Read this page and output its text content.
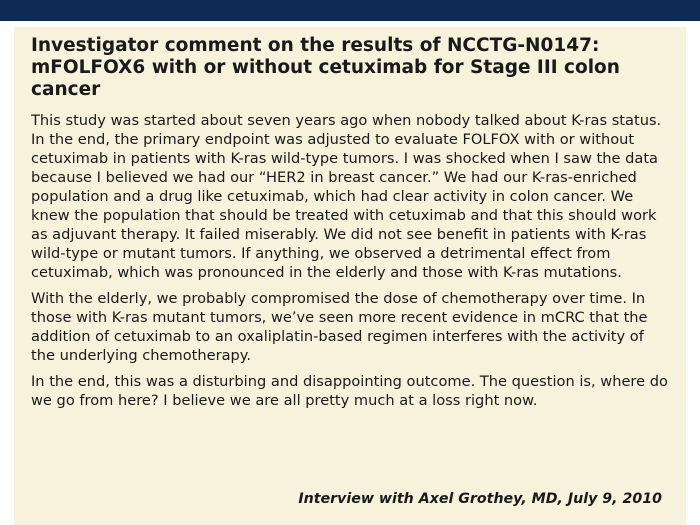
Investigator comment on the results of NCCTG-N0147:
mFOLFOX6 with or without cetuximab for Stage III colon cancer

This study was started about seven years ago when nobody talked about K-ras status. In the end, the primary endpoint was adjusted to evaluate FOLFOX with or without cetuximab in patients with K-ras wild-type tumors. I was shocked when I saw the data because I believed we had our “HER2 in breast cancer.” We had our K-ras-enriched population and a drug like cetuximab, which had clear activity in colon cancer. We knew the population that should be treated with cetuximab and that this should work as adjuvant therapy. It failed miserably. We did not see benefit in patients with K-ras wild-type or mutant tumors. If anything, we observed a detrimental effect from cetuximab, which was pronounced in the elderly and those with K-ras mutations.

With the elderly, we probably compromised the dose of chemotherapy over time. In those with K-ras mutant tumors, we’ve seen more recent evidence in mCRC that the addition of cetuximab to an oxaliplatin-based regimen interferes with the activity of the underlying chemotherapy.

In the end, this was a disturbing and disappointing outcome. The question is, where do we go from here? I believe we are all pretty much at a loss right now.

Interview with Axel Grothey, MD, July 9, 2010
